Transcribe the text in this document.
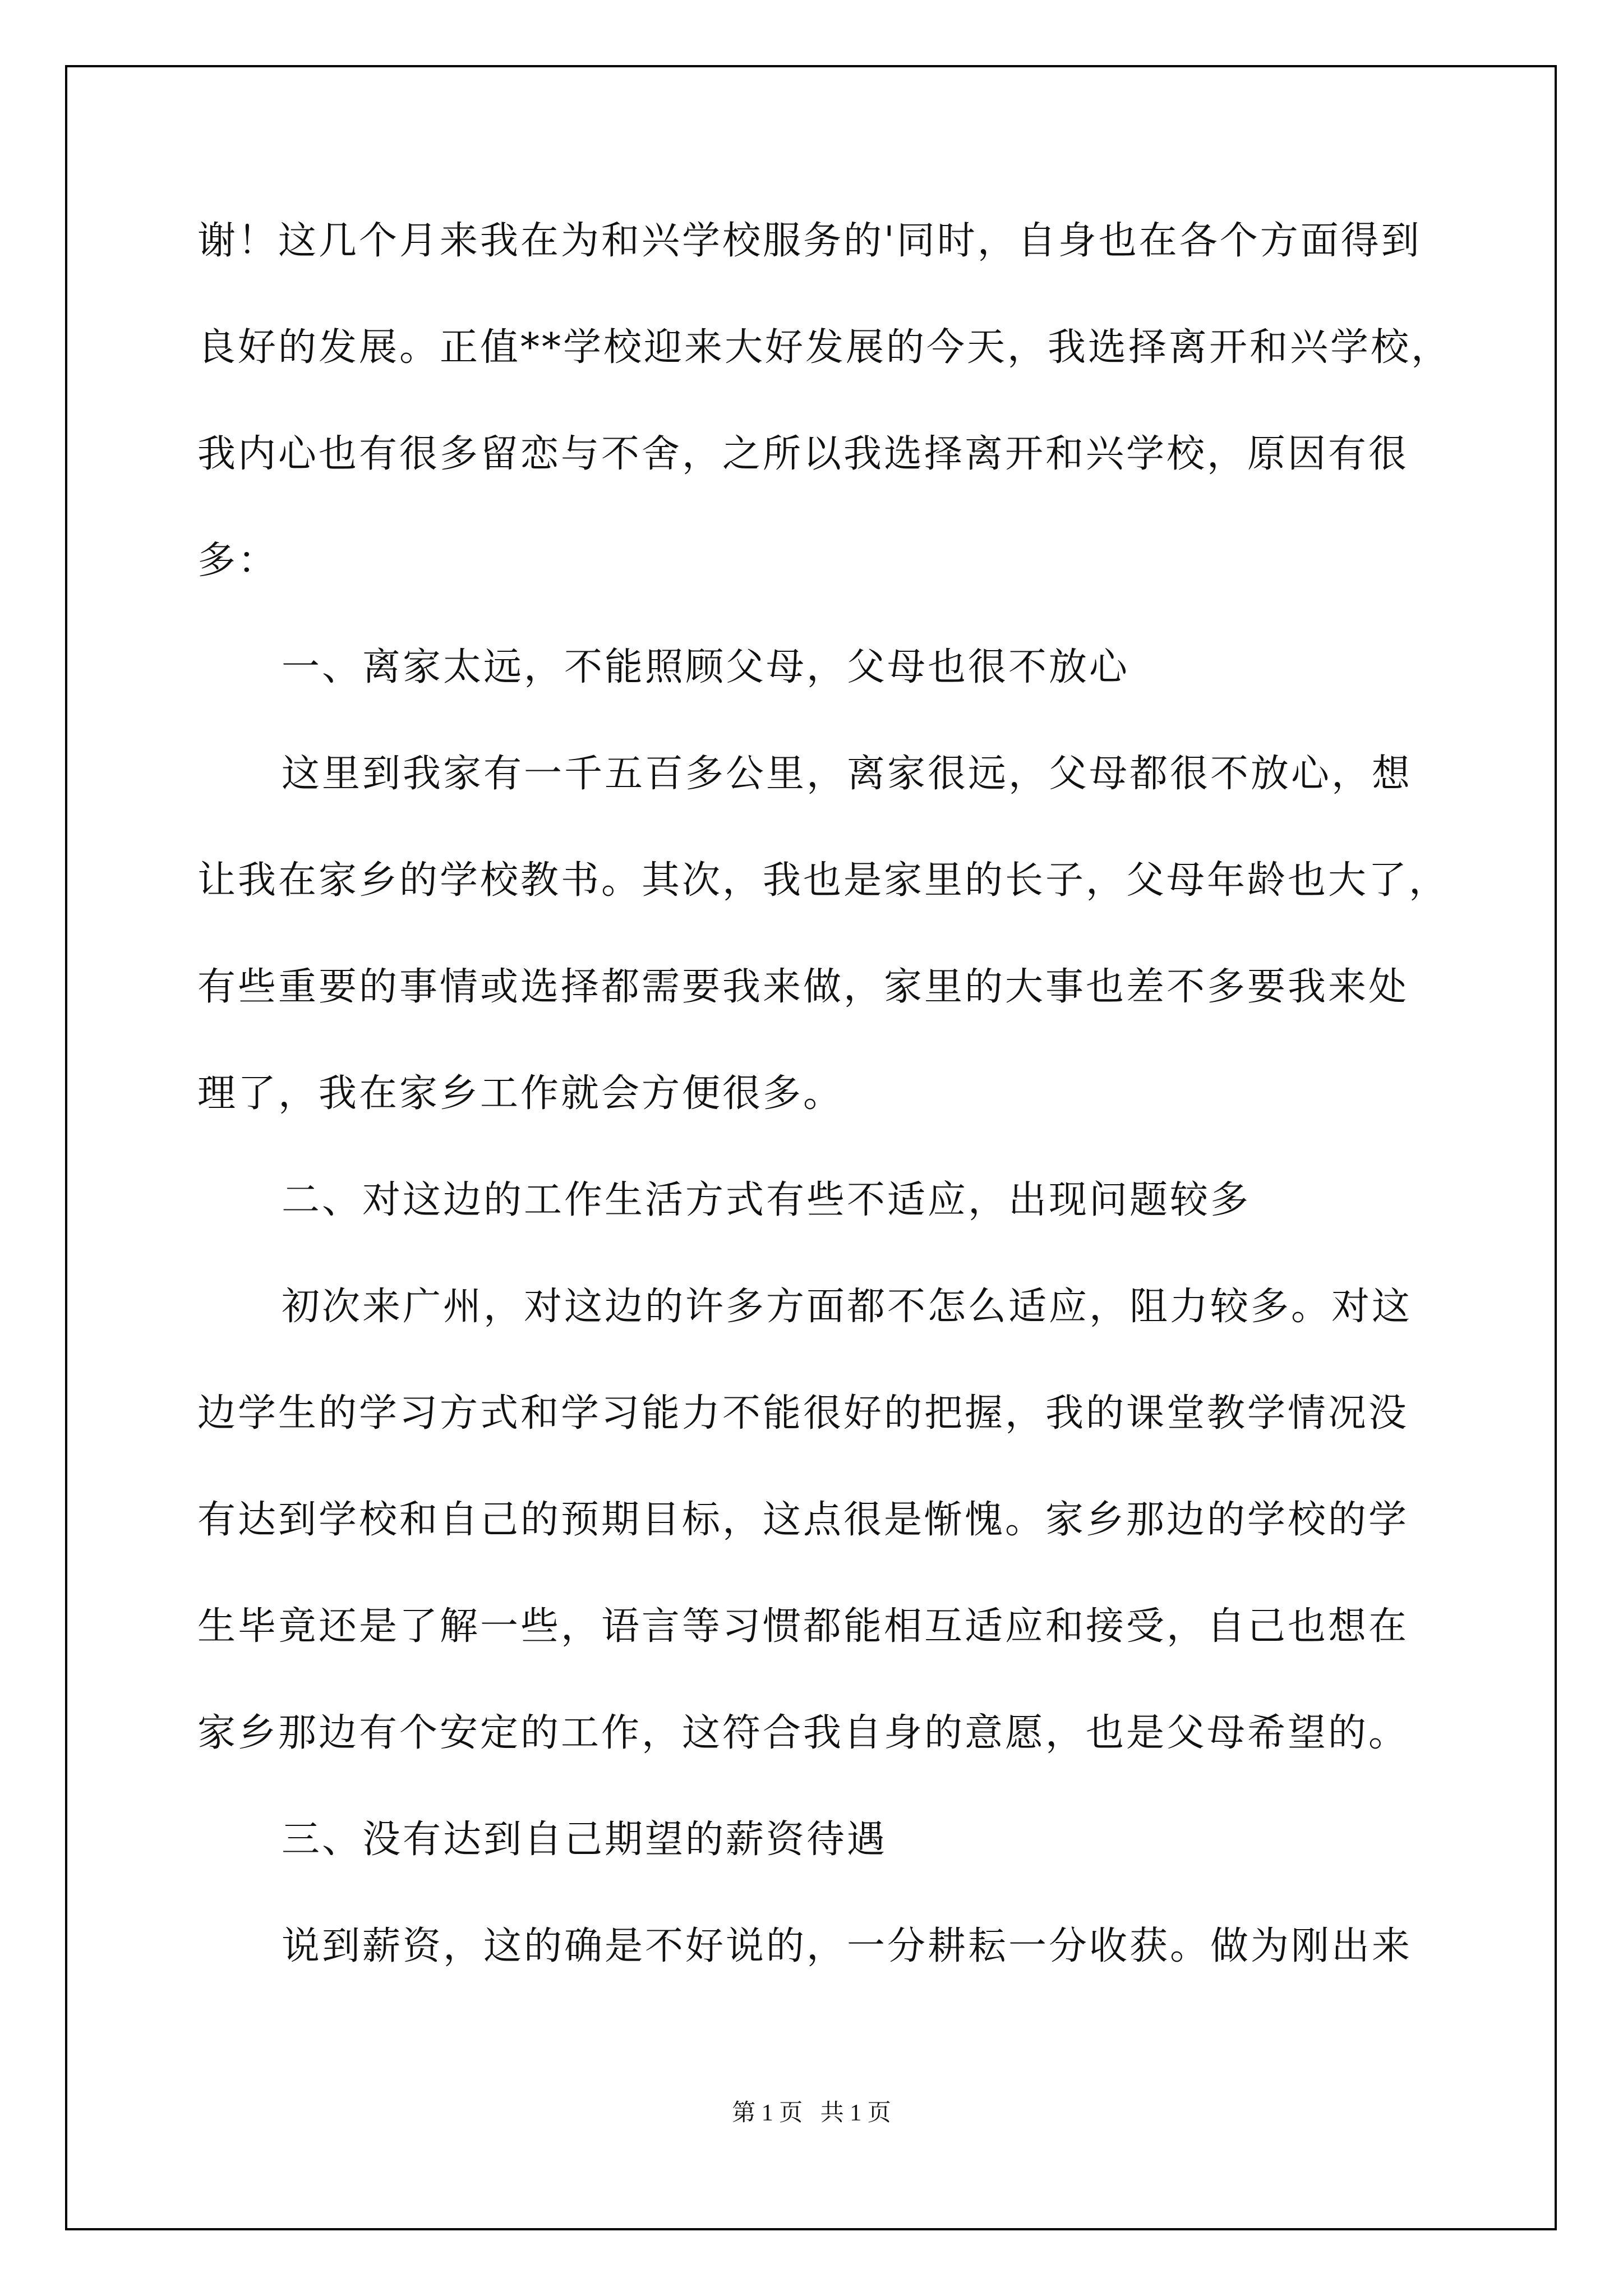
谢！这几个月来我在为和兴学校服务的'同时，自身也在各个方面得到
良好的发展。正值**学校迎来大好发展的今天，我选择离开和兴学校，
我内心也有很多留恋与不舍，之所以我选择离开和兴学校，原因有很
多：
一、离家太远，不能照顾父母，父母也很不放心
这里到我家有一千五百多公里，离家很远，父母都很不放心，想
让我在家乡的学校教书。其次，我也是家里的长子，父母年龄也大了，
有些重要的事情或选择都需要我来做，家里的大事也差不多要我来处
理了，我在家乡工作就会方便很多。
二、对这边的工作生活方式有些不适应，出现问题较多
初次来广州，对这边的许多方面都不怎么适应，阻力较多。对这
边学生的学习方式和学习能力不能很好的把握，我的课堂教学情况没
有达到学校和自己的预期目标，这点很是惭愧。家乡那边的学校的学
生毕竟还是了解一些，语言等习惯都能相互适应和接受，自己也想在
家乡那边有个安定的工作，这符合我自身的意愿，也是父母希望的。
三、没有达到自己期望的薪资待遇
说到薪资，这的确是不好说的，一分耕耘一分收获。做为刚出来
第 1 页   共 1 页
